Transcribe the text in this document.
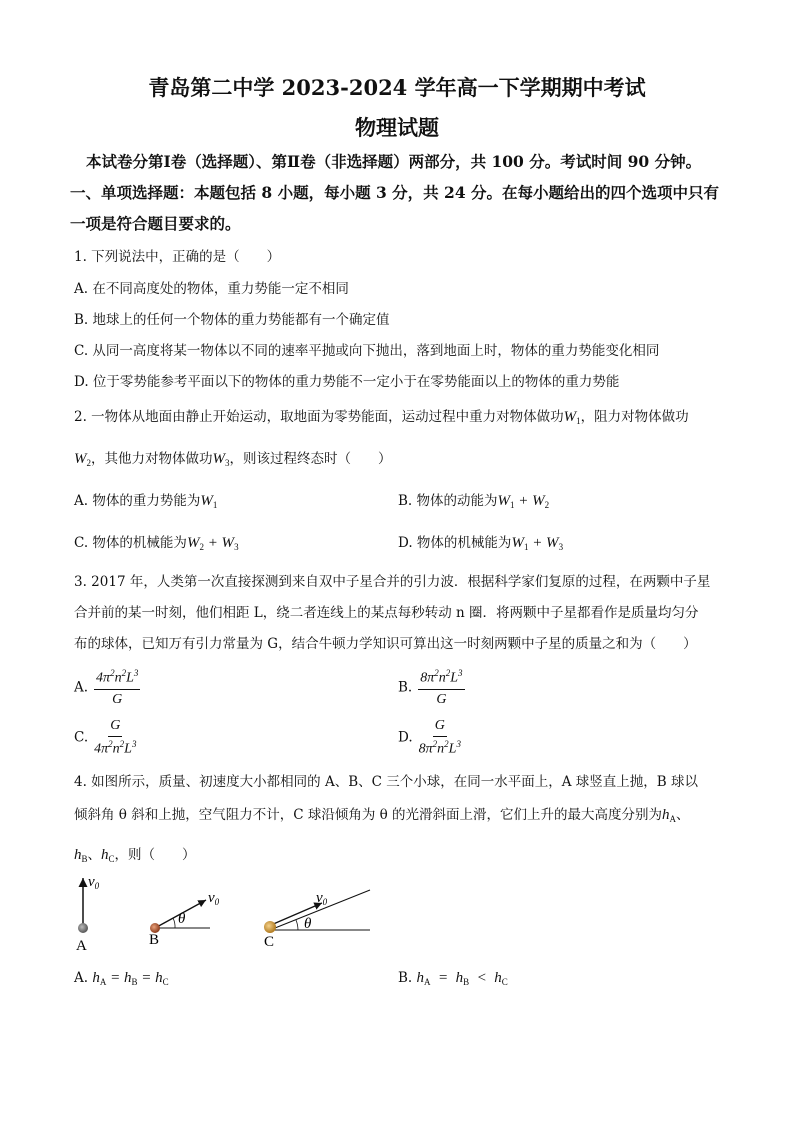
青岛第二中学 2023-2024 学年高一下学期期中考试
物理试题
本试卷分第Ⅰ卷（选择题）、第Ⅱ卷（非选择题）两部分，共 100 分。考试时间 90 分钟。
一、单项选择题：本题包括 8 小题，每小题 3 分，共 24 分。在每小题给出的四个选项中只有
一项是符合题目要求的。
1. 下列说法中，正确的是（　　）
A. 在不同高度处的物体，重力势能一定不相同
B. 地球上的任何一个物体的重力势能都有一个确定值
C. 从同一高度将某一物体以不同的速率平抛或向下抛出，落到地面上时，物体的重力势能变化相同
D. 位于零势能参考平面以下的物体的重力势能不一定小于在零势能面以上的物体的重力势能
2. 一物体从地面由静止开始运动，取地面为零势能面，运动过程中重力对物体做功$W_1$，阻力对物体做功
$W_2$，其他力对物体做功$W_3$，则该过程终态时（　　）
A. 物体的重力势能为$W_1$	B. 物体的动能为$W_1 + W_2$
C. 物体的机械能为$W_2 + W_3$	D. 物体的机械能为$W_1 + W_3$
3. 2017 年，人类第一次直接探测到来自双中子星合并的引力波．根据科学家们复原的过程，在两颗中子星
合并前的某一时刻，他们相距 L，绕二者连线上的某点每秒转动 n 圈．将两颗中子星都看作是质量均匀分
布的球体，已知万有引力常量为 G，结合牛顿力学知识可算出这一时刻两颗中子星的质量之和为（　　）
A. $\frac{4\pi^2n^2L^3}{G}$	B. $\frac{8\pi^2n^2L^3}{G}$
C. $\frac{G}{4\pi^2n^2L^3}$	D. $\frac{G}{8\pi^2n^2L^3}$
4. 如图所示，质量、初速度大小都相同的 A、B、C 三个小球，在同一水平面上，A 球竖直上抛，B 球以
倾斜角 θ 斜和上抛，空气阻力不计，C 球沿倾角为 θ 的光滑斜面上滑，它们上升的最大高度分别为$h_A$、
$h_B$、$h_C$，则（　　）
$v_0$
A
θ
$v_0$
B
θ
$v_0$
C
A. $h_A = h_B = h_C$	B. $h_A = h_B < h_C$
